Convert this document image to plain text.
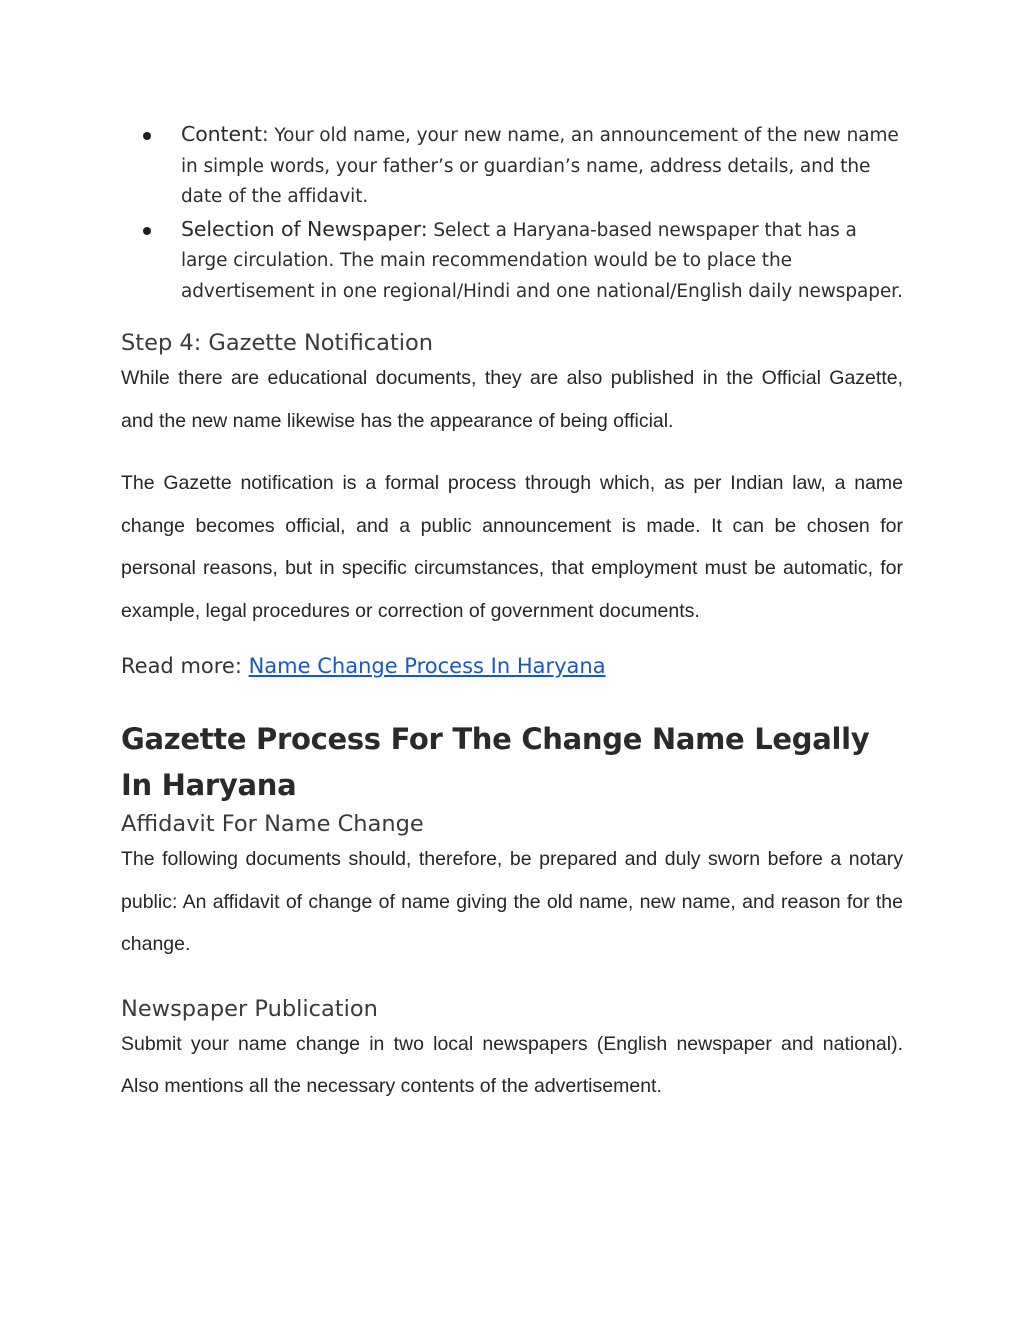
Content: Your old name, your new name, an announcement of the new name in simple words, your father’s or guardian’s name, address details, and the date of the affidavit.
Selection of Newspaper: Select a Haryana-based newspaper that has a large circulation. The main recommendation would be to place the advertisement in one regional/Hindi and one national/English daily newspaper.
Step 4: Gazette Notification

While there are educational documents, they are also published in the Official Gazette, and the new name likewise has the appearance of being official.

The Gazette notification is a formal process through which, as per Indian law, a name change becomes official, and a public announcement is made. It can be chosen for personal reasons, but in specific circumstances, that employment must be automatic, for example, legal procedures or correction of government documents.

Read more: Name Change Process In Haryana

Gazette Process For The Change Name Legally In Haryana
Affidavit For Name Change

The following documents should, therefore, be prepared and duly sworn before a notary public: An affidavit of change of name giving the old name, new name, and reason for the change.

Newspaper Publication

Submit your name change in two local newspapers (English newspaper and national). Also mentions all the necessary contents of the advertisement.
